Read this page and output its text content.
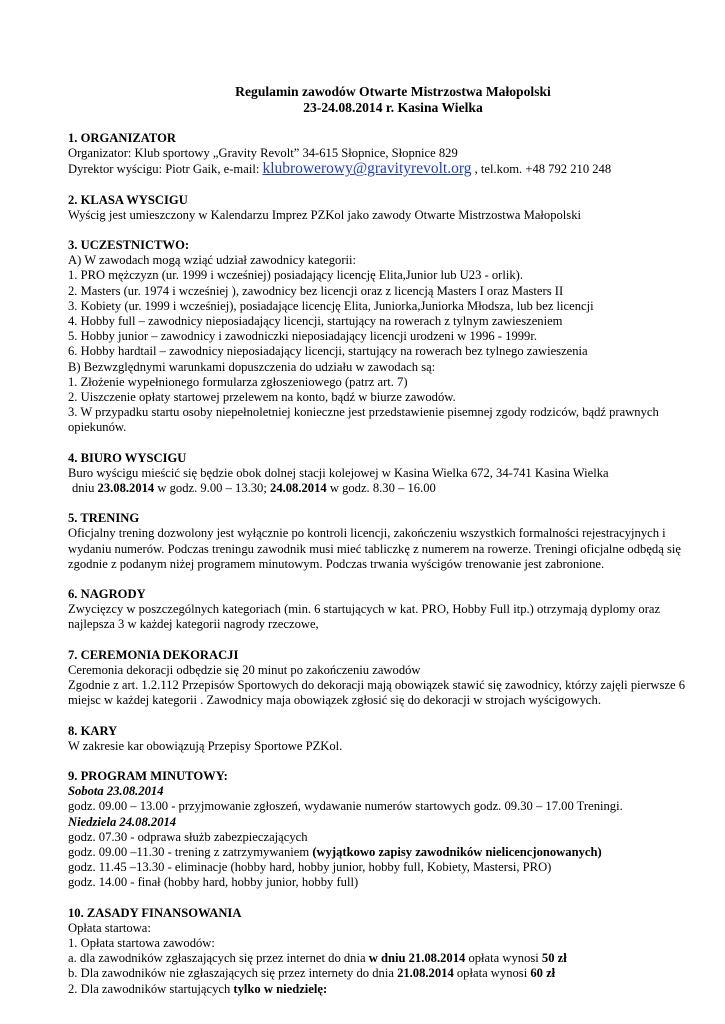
Regulamin zawodów Otwarte Mistrzostwa Małopolski
23-24.08.2014 r. Kasina Wielka
1. ORGANIZATOR
Organizator: Klub sportowy „Gravity Revolt” 34-615 Słopnice, Słopnice 829
Dyrektor wyścigu: Piotr Gaik, e-mail: klubrowerowy@gravityrevolt.org , tel.kom. +48 792 210 248
2. KLASA WYSCIGU
Wyścig jest umieszczony w Kalendarzu Imprez PZKol jako zawody Otwarte Mistrzostwa Małopolski
3. UCZESTNICTWO:
A) W zawodach mogą wziąć udział zawodnicy kategorii:
1. PRO mężczyzn (ur. 1999 i wcześniej) posiadający licencję Elita,Junior lub U23 - orlik).
2. Masters (ur. 1974 i wcześniej ), zawodnicy bez licencji oraz z licencją Masters I oraz Masters II
3. Kobiety (ur. 1999 i wcześniej), posiadające licencję Elita, Juniorka,Juniorka Młodsza, lub bez licencji
4. Hobby full – zawodnicy nieposiadający licencji, startujący na rowerach z tylnym zawieszeniem
5. Hobby junior – zawodnicy i zawodniczki nieposiadający licencji urodzeni w 1996 - 1999r.
6. Hobby hardtail – zawodnicy nieposiadający licencji, startujący na rowerach bez tylnego zawieszenia
B) Bezwzględnymi warunkami dopuszczenia do udziału w zawodach są:
1. Złożenie wypełnionego formularza zgłoszeniowego (patrz art. 7)
2. Uiszczenie opłaty startowej przelewem na konto, bądź w biurze zawodów.
3. W przypadku startu osoby niepełnoletniej konieczne jest przedstawienie pisemnej zgody rodziców, bądź prawnych opiekunów.
4. BIURO WYSCIGU
Buro wyścigu mieścić się będzie obok dolnej stacji kolejowej w Kasina Wielka 672, 34-741 Kasina Wielka
dniu 23.08.2014 w godz. 9.00 – 13.30; 24.08.2014 w godz. 8.30 – 16.00
5. TRENING
Oficjalny trening dozwolony jest wyłącznie po kontroli licencji, zakończeniu wszystkich formalności rejestracyjnych i wydaniu numerów. Podczas treningu zawodnik musi mieć tabliczkę z numerem na rowerze. Treningi oficjalne odbędą się zgodnie z podanym niżej programem minutowym. Podczas trwania wyścigów trenowanie jest zabronione.
6. NAGRODY
Zwycięzcy w poszczególnych kategoriach (min. 6 startujących w kat. PRO, Hobby Full itp.) otrzymają dyplomy oraz najlepsza 3 w każdej kategorii nagrody rzeczowe,
7. CEREMONIA DEKORACJI
Ceremonia dekoracji odbędzie się 20 minut po zakończeniu zawodów
Zgodnie z art. 1.2.112 Przepisów Sportowych do dekoracji mają obowiązek stawić się zawodnicy, którzy zajęli pierwsze 6 miejsc w każdej kategorii . Zawodnicy maja obowiązek zgłosić się do dekoracji w strojach wyścigowych.
8. KARY
W zakresie kar obowiązują Przepisy Sportowe PZKol.
9. PROGRAM MINUTOWY:
Sobota 23.08.2014
godz. 09.00 – 13.00 - przyjmowanie zgłoszeń, wydawanie numerów startowych godz. 09.30 – 17.00 Treningi.
Niedziela 24.08.2014
godz. 07.30 - odprawa służb zabezpieczających
godz. 09.00 –11.30 - trening z zatrzymywaniem (wyjątkowo zapisy zawodników nielicencjonowanych)
godz. 11.45 –13.30 - eliminacje (hobby hard, hobby junior, hobby full, Kobiety, Mastersi, PRO)
godz. 14.00 - finał (hobby hard, hobby junior, hobby full)
10. ZASADY FINANSOWANIA
Opłata startowa:
1. Opłata startowa zawodów:
a. dla zawodników zgłaszających się przez internet do dnia w dniu 21.08.2014 opłata wynosi 50 zł
b. Dla zawodników nie zgłaszających się przez internety do dnia 21.08.2014 opłata wynosi 60 zł
2. Dla zawodników startujących tylko w niedzielę:
